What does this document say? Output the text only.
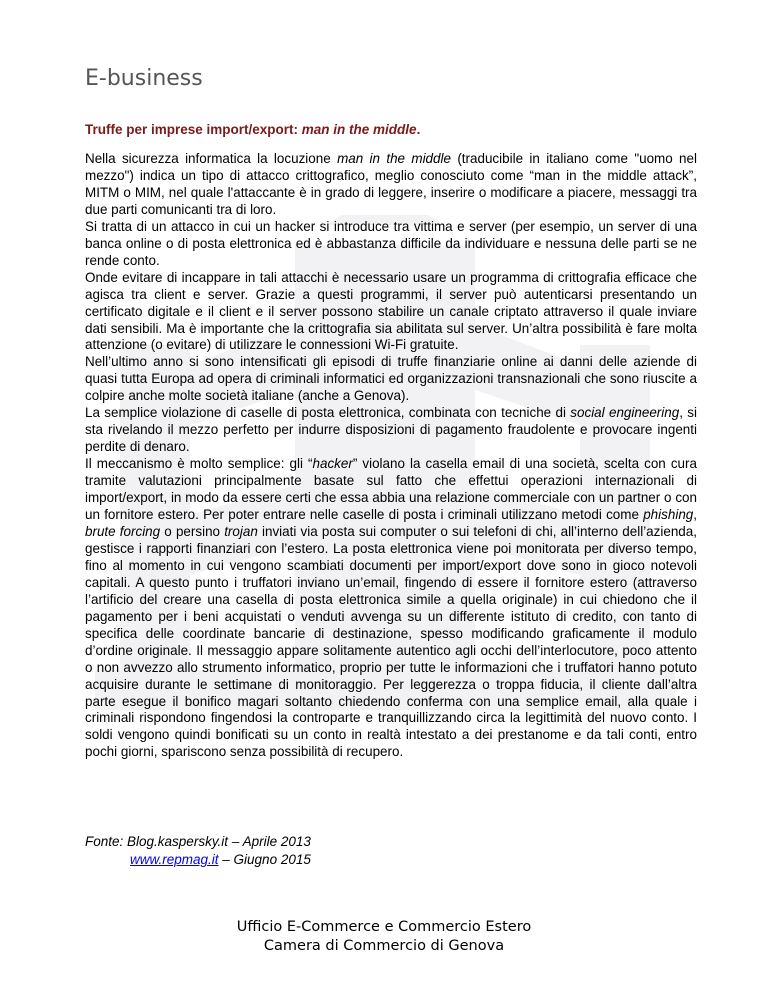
E-business
Truffe per imprese import/export: man in the middle.

Nella sicurezza informatica la locuzione man in the middle (traducibile in italiano come "uomo nel mezzo") indica un tipo di attacco crittografico, meglio conosciuto come “man in the middle attack”, MITM o MIM, nel quale l'attaccante è in grado di leggere, inserire o modificare a piacere, messaggi tra due parti comunicanti tra di loro.

Si tratta di un attacco in cui un hacker si introduce tra vittima e server (per esempio, un server di una banca online o di posta elettronica ed è abbastanza difficile da individuare e nessuna delle parti se ne rende conto.

Onde evitare di incappare in tali attacchi è necessario usare un programma di crittografia efficace che agisca tra client e server. Grazie a questi programmi, il server può autenticarsi presentando un certificato digitale e il client e il server possono stabilire un canale criptato attraverso il quale inviare dati sensibili. Ma è importante che la crittografia sia abilitata sul server. Un’altra possibilità è fare molta attenzione (o evitare) di utilizzare le connessioni Wi-Fi gratuite.

Nell’ultimo anno si sono intensificati gli episodi di truffe finanziarie online ai danni delle aziende di quasi tutta Europa ad opera di criminali informatici ed organizzazioni transnazionali che sono riuscite a colpire anche molte società italiane (anche a Genova).

La semplice violazione di caselle di posta elettronica, combinata con tecniche di social engineering, si sta rivelando il mezzo perfetto per indurre disposizioni di pagamento fraudolente e provocare ingenti perdite di denaro.

Il meccanismo è molto semplice: gli “hacker” violano la casella email di una società, scelta con cura tramite valutazioni principalmente basate sul fatto che effettui operazioni internazionali di import/export, in modo da essere certi che essa abbia una relazione commerciale con un partner o con un fornitore estero. Per poter entrare nelle caselle di posta i criminali utilizzano metodi come phishing, brute forcing o persino trojan inviati via posta sui computer o sui telefoni di chi, all’interno dell’azienda, gestisce i rapporti finanziari con l’estero. La posta elettronica viene poi monitorata per diverso tempo, fino al momento in cui vengono scambiati documenti per import/export dove sono in gioco notevoli capitali. A questo punto i truffatori inviano un’email, fingendo di essere il fornitore estero (attraverso l’artificio del creare una casella di posta elettronica simile a quella originale) in cui chiedono che il pagamento per i beni acquistati o venduti avvenga su un differente istituto di credito, con tanto di specifica delle coordinate bancarie di destinazione, spesso modificando graficamente il modulo d’ordine originale. Il messaggio appare solitamente autentico agli occhi dell’interlocutore, poco attento o non avvezzo allo strumento informatico, proprio per tutte le informazioni che i truffatori hanno potuto acquisire durante le settimane di monitoraggio. Per leggerezza o troppa fiducia, il cliente dall’altra parte esegue il bonifico magari soltanto chiedendo conferma con una semplice email, alla quale i criminali rispondono fingendosi la controparte e tranquillizzando circa la legittimità del nuovo conto. I soldi vengono quindi bonificati su un conto in realtà intestato a dei prestanome e da tali conti, entro pochi giorni, spariscono senza possibilità di recupero.

Fonte: Blog.kaspersky.it – Aprile 2013
www.repmag.it – Giugno 2015
Ufficio E-Commerce e Commercio Estero
Camera di Commercio di Genova
